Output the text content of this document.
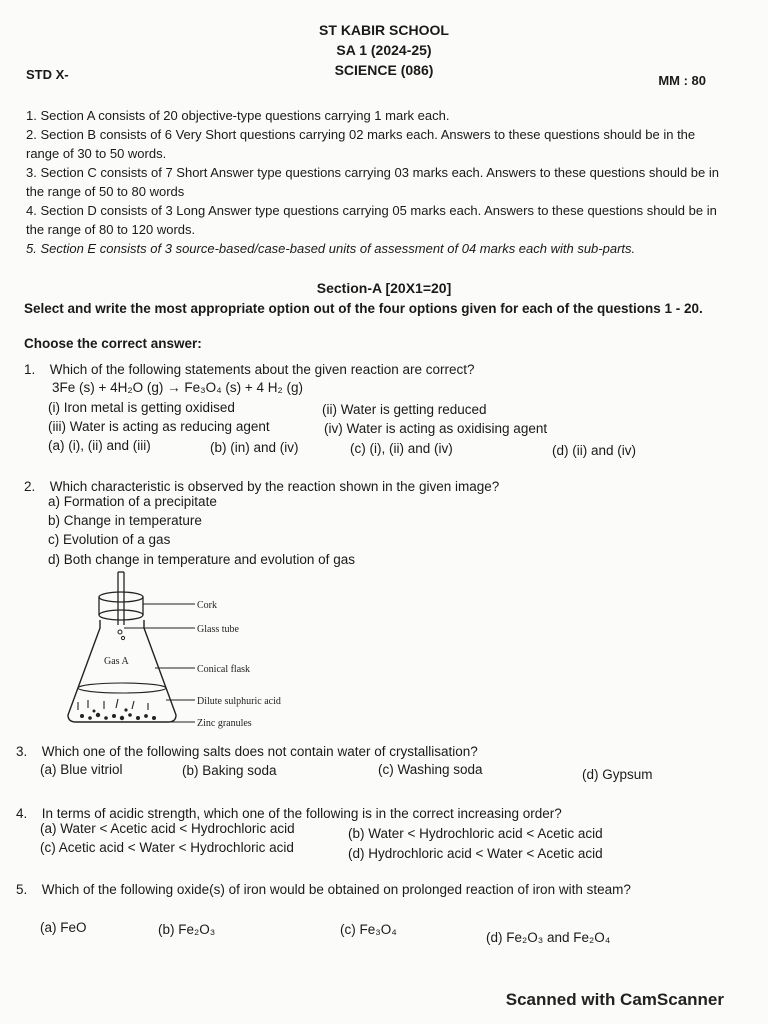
ST KABIR SCHOOL
SA 1 (2024-25)
SCIENCE (086)
STD X-	MM : 80

1. Section A consists of 20 objective-type questions carrying 1 mark each.

2. Section B consists of 6 Very Short questions carrying 02 marks each. Answers to these questions should be in the range of 30 to 50 words.

3. Section C consists of 7 Short Answer type questions carrying 03 marks each. Answers to these questions should be in the range of 50 to 80 words

4. Section D consists of 3 Long Answer type questions carrying 05 marks each. Answers to these questions should be in the range of 80 to 120 words.

5. Section E consists of 3 source-based/case-based units of assessment of 04 marks each with sub-parts.

Section-A [20X1=20]
Select and write the most appropriate option out of the four options given for each of the questions 1 - 20.
Choose the correct answer:
1. Which of the following statements about the given reaction are correct?
3Fe (s) + 4H₂O (g) → Fe₃O₄ (s) + 4 H₂ (g)
(i) Iron metal is getting oxidised	(ii) Water is getting reduced
(iii) Water is acting as reducing agent	(iv) Water is acting as oxidising agent
(a) (i), (ii) and (iii)	(b) (in) and (iv)	(c) (i), (ii) and (iv)	(d) (ii) and (iv)
2. Which characteristic is observed by the reaction shown in the given image?
a) Formation of a precipitate
b) Change in temperature
c) Evolution of a gas
d) Both change in temperature and evolution of gas
Cork
Glass tube
Gas A
Conical flask
Dilute sulphuric acid
Zinc granules
3. Which one of the following salts does not contain water of crystallisation?
(a) Blue vitriol	(b) Baking soda	(c) Washing soda	(d) Gypsum
4. In terms of acidic strength, which one of the following is in the correct increasing order?
(a) Water < Acetic acid < Hydrochloric acid	(b) Water < Hydrochloric acid < Acetic acid
(c) Acetic acid < Water < Hydrochloric acid	(d) Hydrochloric acid < Water < Acetic acid
5. Which of the following oxide(s) of iron would be obtained on prolonged reaction of iron with steam?
(a) FeO	(b) Fe₂O₃	(c) Fe₃O₄
(d) Fe₂O₃ and Fe₂O₄
Scanned with CamScanner
